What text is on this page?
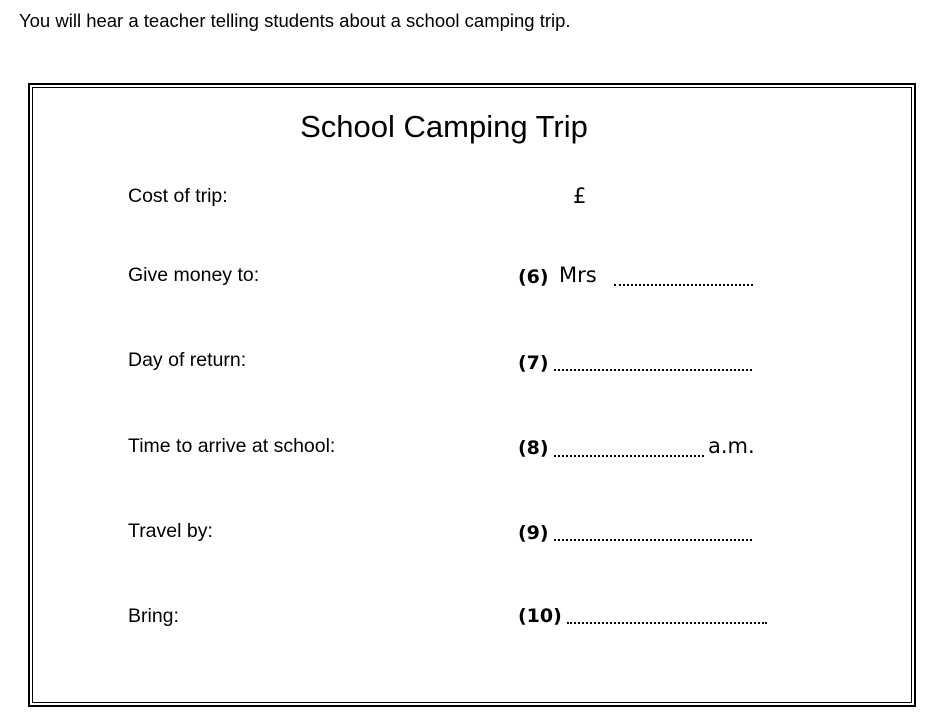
You will hear a teacher telling students about a school camping trip.
School Camping Trip
Cost of trip:	£
Give money to:	(6) Mrs
Day of return:	(7)
Time to arrive at school:	(8)	a.m.
Travel by:	(9)
Bring:	(10)
